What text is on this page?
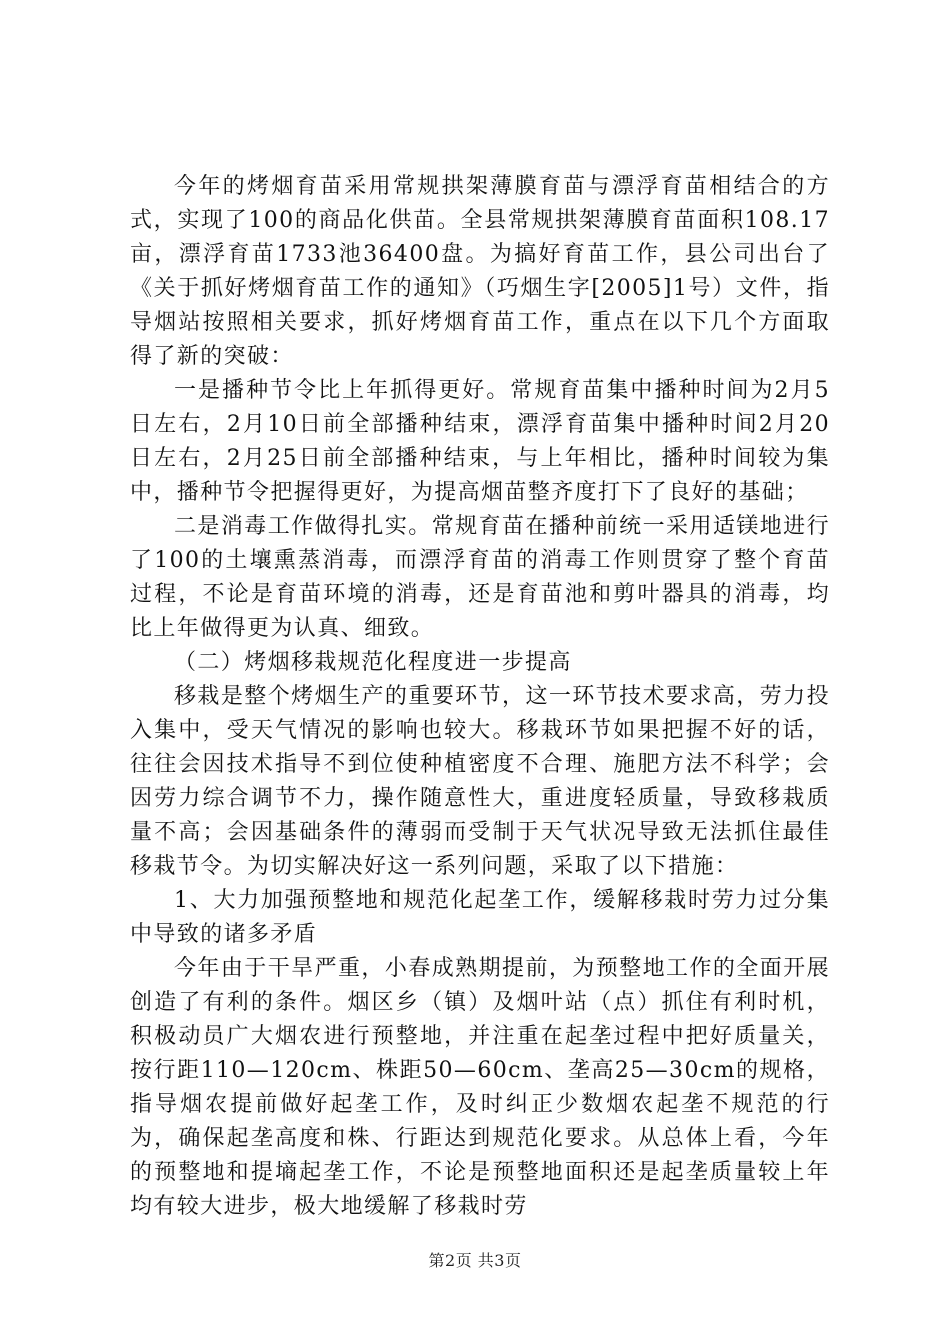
今年的烤烟育苗采用常规拱架薄膜育苗与漂浮育苗相结合的方式，实现了100的商品化供苗。全县常规拱架薄膜育苗面积108.17亩，漂浮育苗1733池36400盘。为搞好育苗工作，县公司出台了《关于抓好烤烟育苗工作的通知》（巧烟生字[2005]1号）文件，指导烟站按照相关要求，抓好烤烟育苗工作，重点在以下几个方面取得了新的突破：

一是播种节令比上年抓得更好。常规育苗集中播种时间为2月5日左右，2月10日前全部播种结束，漂浮育苗集中播种时间2月20日左右，2月25日前全部播种结束，与上年相比，播种时间较为集中，播种节令把握得更好，为提高烟苗整齐度打下了良好的基础；

二是消毒工作做得扎实。常规育苗在播种前统一采用适镁地进行了100的土壤熏蒸消毒，而漂浮育苗的消毒工作则贯穿了整个育苗过程，不论是育苗环境的消毒，还是育苗池和剪叶器具的消毒，均比上年做得更为认真、细致。

（二）烤烟移栽规范化程度进一步提高

移栽是整个烤烟生产的重要环节，这一环节技术要求高，劳力投入集中，受天气情况的影响也较大。移栽环节如果把握不好的话，往往会因技术指导不到位使种植密度不合理、施肥方法不科学；会因劳力综合调节不力，操作随意性大，重进度轻质量，导致移栽质量不高；会因基础条件的薄弱而受制于天气状况导致无法抓住最佳移栽节令。为切实解决好这一系列问题，采取了以下措施：

1、大力加强预整地和规范化起垄工作，缓解移栽时劳力过分集中导致的诸多矛盾

今年由于干旱严重，小春成熟期提前，为预整地工作的全面开展创造了有利的条件。烟区乡（镇）及烟叶站（点）抓住有利时机，积极动员广大烟农进行预整地，并注重在起垄过程中把好质量关，按行距110—120cm、株距50—60cm、垄高25—30cm的规格，指导烟农提前做好起垄工作，及时纠正少数烟农起垄不规范的行为，确保起垄高度和株、行距达到规范化要求。从总体上看，今年的预整地和提墒起垄工作，不论是预整地面积还是起垄质量较上年均有较大进步，极大地缓解了移栽时劳

第2页 共3页
